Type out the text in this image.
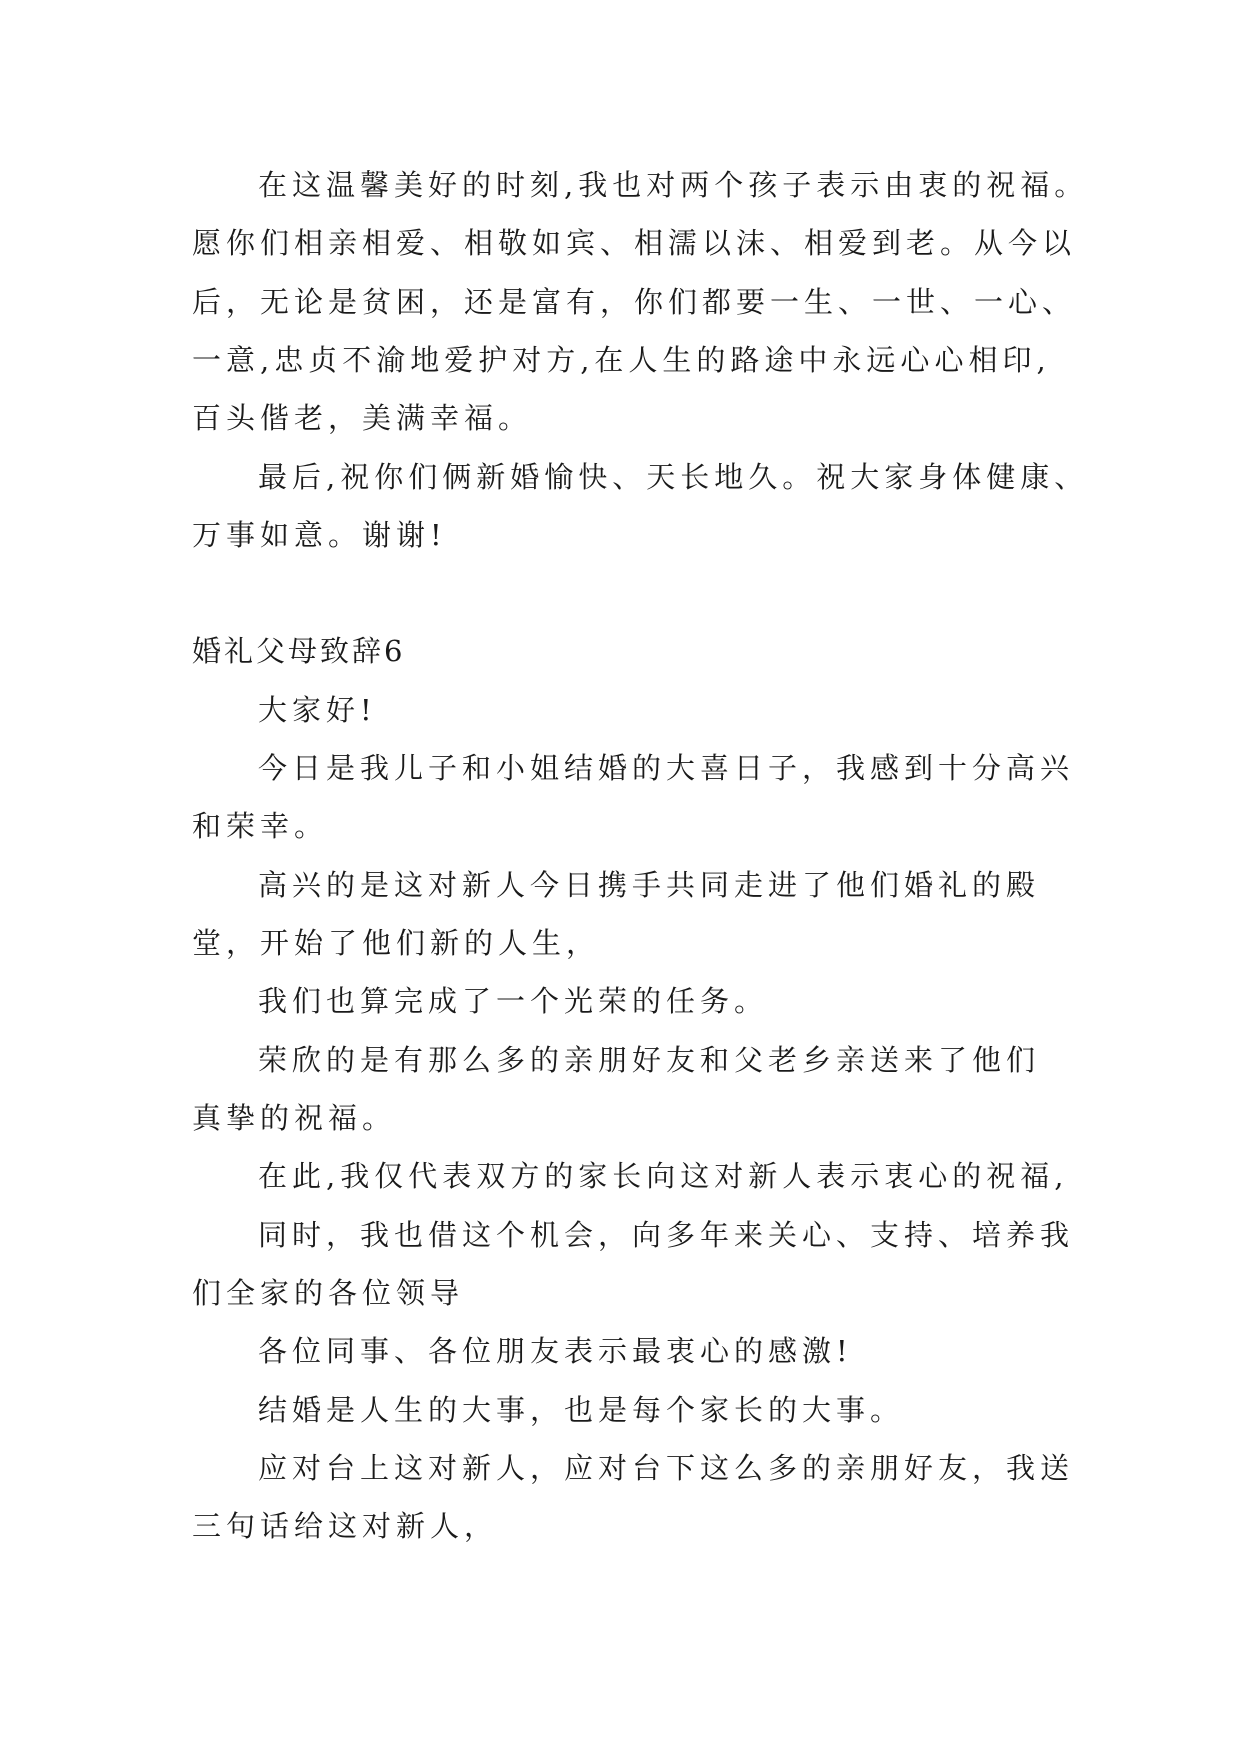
在这温馨美好的时刻,我也对两个孩子表示由衷的祝福。
愿你们相亲相爱、相敬如宾、相濡以沫、相爱到老。从今以
后，无论是贫困，还是富有，你们都要一生、一世、一心、
一意,忠贞不渝地爱护对方,在人生的路途中永远心心相印,
百头偕老，美满幸福。
最后,祝你们俩新婚愉快、天长地久。祝大家身体健康、
万事如意。谢谢!
婚礼父母致辞6
大家好!
今日是我儿子和小姐结婚的大喜日子，我感到十分高兴
和荣幸。
高兴的是这对新人今日携手共同走进了他们婚礼的殿
堂，开始了他们新的人生，
我们也算完成了一个光荣的任务。
荣欣的是有那么多的亲朋好友和父老乡亲送来了他们
真挚的祝福。
在此,我仅代表双方的家长向这对新人表示衷心的祝福,
同时，我也借这个机会，向多年来关心、支持、培养我
们全家的各位领导
各位同事、各位朋友表示最衷心的感激!
结婚是人生的大事，也是每个家长的大事。
应对台上这对新人，应对台下这么多的亲朋好友，我送
三句话给这对新人，
